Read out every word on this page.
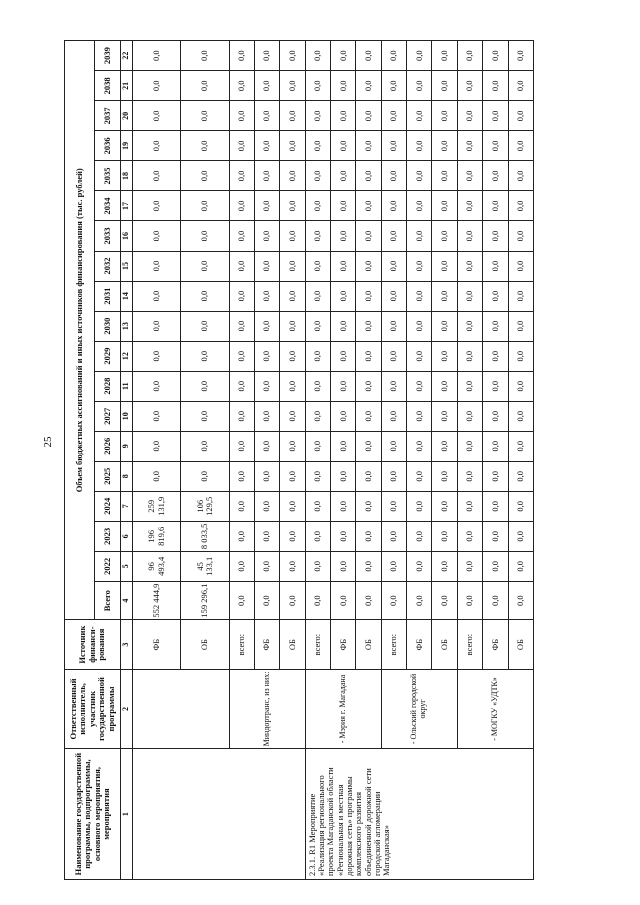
25
Наименование государственной программы, подпрограммы, основного мероприятия, мероприятия	Ответственный исполнитель, участник государственной программы	Источник финанси-рования	Объем бюджетных ассигнований и иных источников финансирования (тыс. рублей)																		
			Всего	2022	2023	2024	2025	2026	2027	2028	2029	2030	2031	2032	2033	2034	2035	2036	2037	2038	2039
1	2	3	4	5	6	7	8	9	10	11	12	13	14	15	16	17	18	19	20	21	22
		ФБ	552 444,9	96 493,4	196 819,6	259 131,9	0,0	0,0	0,0	0,0	0,0	0,0	0,0	0,0	0,0	0,0	0,0	0,0	0,0	0,0	0,0
		ОБ	159 296,1	45 133,1	8 033,5	106 129,5	0,0	0,0	0,0	0,0	0,0	0,0	0,0	0,0	0,0	0,0	0,0	0,0	0,0	0,0	0,0
	Миндортранс, из них:	всего:	0,0	0,0	0,0	0,0	0,0	0,0	0,0	0,0	0,0	0,0	0,0	0,0	0,0	0,0	0,0	0,0	0,0	0,0	0,0
		ФБ	0,0	0,0	0,0	0,0	0,0	0,0	0,0	0,0	0,0	0,0	0,0	0,0	0,0	0,0	0,0	0,0	0,0	0,0	0,0
		ОБ	0,0	0,0	0,0	0,0	0,0	0,0	0,0	0,0	0,0	0,0	0,0	0,0	0,0	0,0	0,0	0,0	0,0	0,0	0,0
2.3.1. R1 Мероприятие «Реализация регионального проекта Магаданской области «Региональная и местная дорожная сеть» программы комплексного развития объединенной дорожной сети городской агломерации Магаданская»	- Мэрия г. Магадана	всего:	0,0	0,0	0,0	0,0	0,0	0,0	0,0	0,0	0,0	0,0	0,0	0,0	0,0	0,0	0,0	0,0	0,0	0,0	0,0
		ФБ	0,0	0,0	0,0	0,0	0,0	0,0	0,0	0,0	0,0	0,0	0,0	0,0	0,0	0,0	0,0	0,0	0,0	0,0	0,0
		ОБ	0,0	0,0	0,0	0,0	0,0	0,0	0,0	0,0	0,0	0,0	0,0	0,0	0,0	0,0	0,0	0,0	0,0	0,0	0,0
	- Ольский городской округ	всего:	0,0	0,0	0,0	0,0	0,0	0,0	0,0	0,0	0,0	0,0	0,0	0,0	0,0	0,0	0,0	0,0	0,0	0,0	0,0
		ФБ	0,0	0,0	0,0	0,0	0,0	0,0	0,0	0,0	0,0	0,0	0,0	0,0	0,0	0,0	0,0	0,0	0,0	0,0	0,0
		ОБ	0,0	0,0	0,0	0,0	0,0	0,0	0,0	0,0	0,0	0,0	0,0	0,0	0,0	0,0	0,0	0,0	0,0	0,0	0,0
	- МОГКУ «УДТК»	всего:	0,0	0,0	0,0	0,0	0,0	0,0	0,0	0,0	0,0	0,0	0,0	0,0	0,0	0,0	0,0	0,0	0,0	0,0	0,0
		ФБ	0,0	0,0	0,0	0,0	0,0	0,0	0,0	0,0	0,0	0,0	0,0	0,0	0,0	0,0	0,0	0,0	0,0	0,0	0,0
		ОБ	0,0	0,0	0,0	0,0	0,0	0,0	0,0	0,0	0,0	0,0	0,0	0,0	0,0	0,0	0,0	0,0	0,0	0,0	0,0
